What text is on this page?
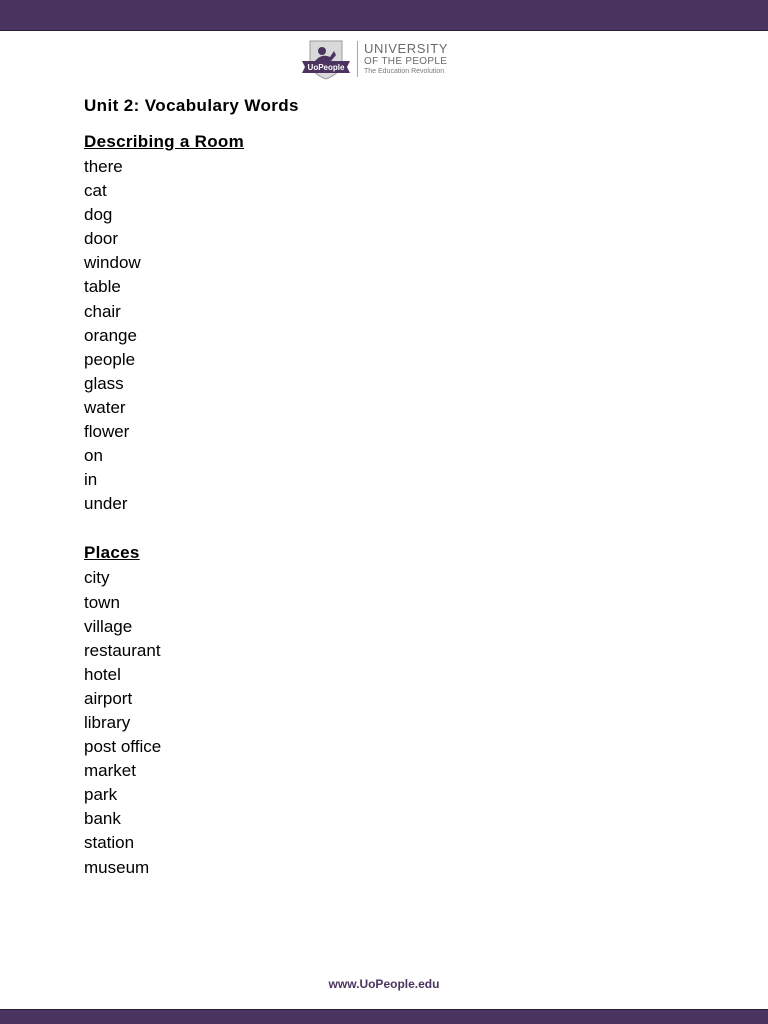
UoPeople
UNIVERSITY
OF THE PEOPLE
The Education Revolution
Unit 2: Vocabulary Words
Describing a Room
there
cat
dog
door
window
table
chair
orange
people
glass
water
flower
on
in
under
Places
city
town
village
restaurant
hotel
airport
library
post office
market
park
bank
station
museum
www.UoPeople.edu
